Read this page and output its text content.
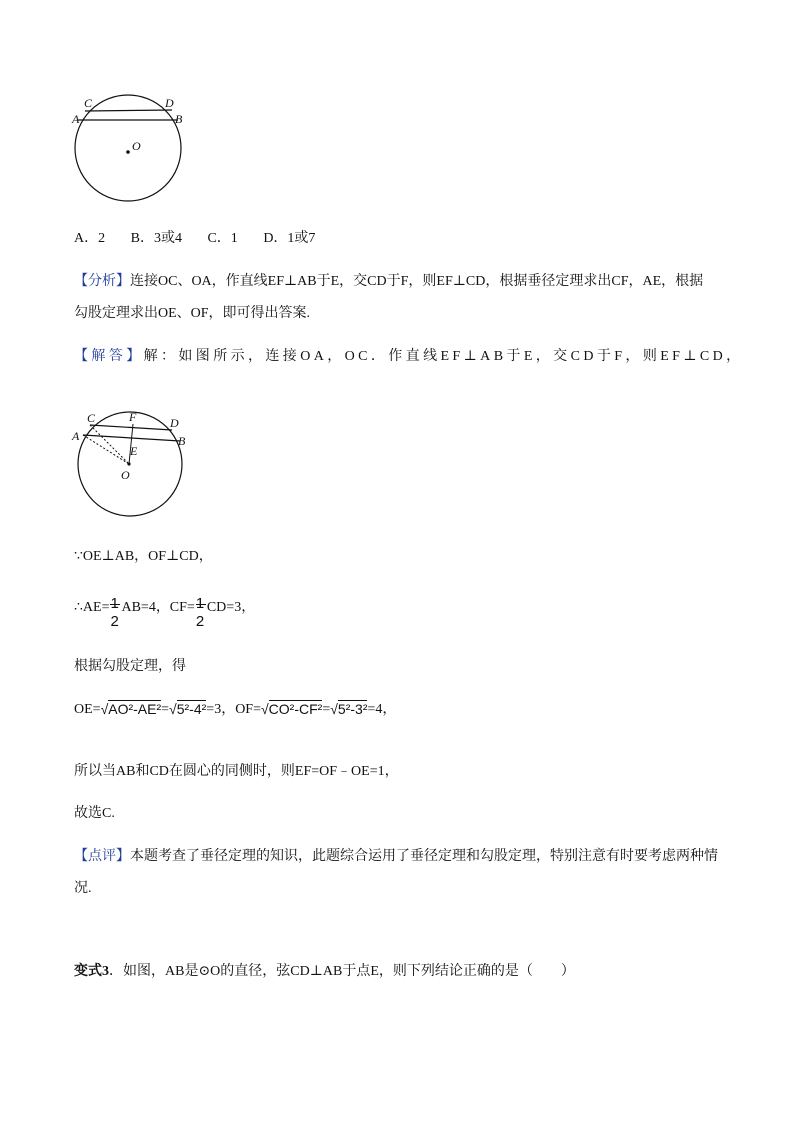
C	D
A	B
O
A．2 B．3或4 C．1 D．1或7
【分析】连接OC、OA，作直线EF⊥AB于E，交CD于F，则EF⊥CD，根据垂径定理求出CF，AE，根据
勾股定理求出OE、OF，即可得出答案.
【解答】解：如图所示，连接OA，OC．作直线EF⊥AB于E，交CD于F，则EF⊥CD，
C	F	D
A	B
E
O
∵OE⊥AB，OF⊥CD，
∴AE= 1
2
AB=4，CF= 1
2
CD=3，
根据勾股定理，得
OE=√AO²-AE²=√5²-4²=3，OF=√CO²-CF²=√5²-3²=4，
所以当AB和CD在圆心的同侧时，则EF=OF﹣OE=1，
故选C.
【点评】本题考查了垂径定理的知识，此题综合运用了垂径定理和勾股定理，特别注意有时要考虑两种情
况.
变式3．如图，AB是⊙O的直径，弦CD⊥AB于点E，则下列结论正确的是（　　）
